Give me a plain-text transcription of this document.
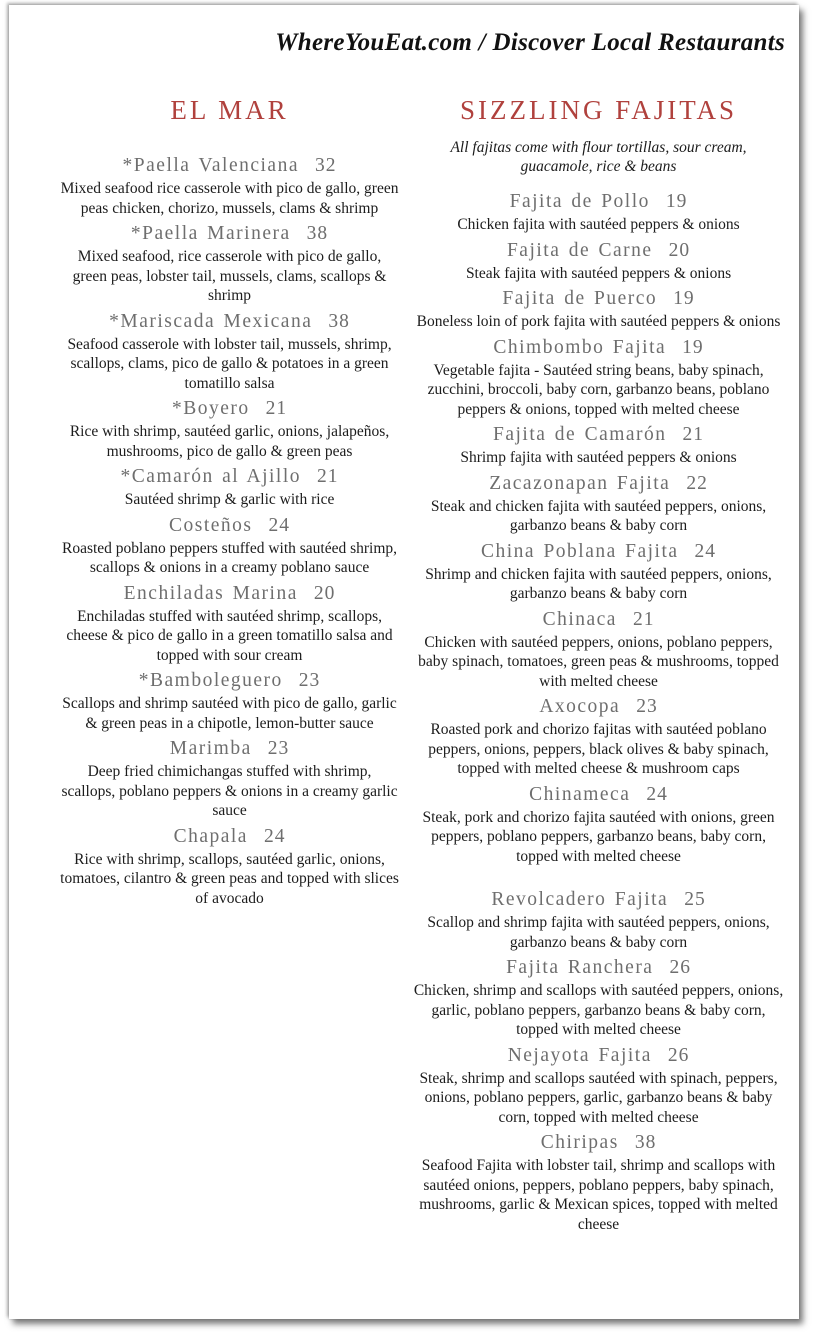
WhereYouEat.com / Discover Local Restaurants
EL MAR
*Paella Valenciana 32
Mixed seafood rice casserole with pico de gallo, green peas chicken, chorizo, mussels, clams & shrimp
*Paella Marinera 38
Mixed seafood, rice casserole with pico de gallo, green peas, lobster tail, mussels, clams, scallops & shrimp
*Mariscada Mexicana 38
Seafood casserole with lobster tail, mussels, shrimp, scallops, clams, pico de gallo & potatoes in a green tomatillo salsa
*Boyero 21
Rice with shrimp, sautéed garlic, onions, jalapeños, mushrooms, pico de gallo & green peas
*Camarón al Ajillo 21
Sautéed shrimp & garlic with rice
Costeños 24
Roasted poblano peppers stuffed with sautéed shrimp, scallops & onions in a creamy poblano sauce
Enchiladas Marina 20
Enchiladas stuffed with sautéed shrimp, scallops, cheese & pico de gallo in a green tomatillo salsa and topped with sour cream
*Bamboleguero 23
Scallops and shrimp sautéed with pico de gallo, garlic & green peas in a chipotle, lemon-butter sauce
Marimba 23
Deep fried chimichangas stuffed with shrimp, scallops, poblano peppers & onions in a creamy garlic sauce
Chapala 24
Rice with shrimp, scallops, sautéed garlic, onions, tomatoes, cilantro & green peas and topped with slices of avocado
SIZZLING FAJITAS
All fajitas come with flour tortillas, sour cream, guacamole, rice & beans
Fajita de Pollo 19
Chicken fajita with sautéed peppers & onions
Fajita de Carne 20
Steak fajita with sautéed peppers & onions
Fajita de Puerco 19
Boneless loin of pork fajita with sautéed peppers & onions
Chimbombo Fajita 19
Vegetable fajita - Sautéed string beans, baby spinach, zucchini, broccoli, baby corn, garbanzo beans, poblano peppers & onions, topped with melted cheese
Fajita de Camarón 21
Shrimp fajita with sautéed peppers & onions
Zacazonapan Fajita 22
Steak and chicken fajita with sautéed peppers, onions, garbanzo beans & baby corn
China Poblana Fajita 24
Shrimp and chicken fajita with sautéed peppers, onions, garbanzo beans & baby corn
Chinaca 21
Chicken with sautéed peppers, onions, poblano peppers, baby spinach, tomatoes, green peas & mushrooms, topped with melted cheese
Axocopa 23
Roasted pork and chorizo fajitas with sautéed poblano peppers, onions, peppers, black olives & baby spinach, topped with melted cheese & mushroom caps
Chinameca 24
Steak, pork and chorizo fajita sautéed with onions, green peppers, poblano peppers, garbanzo beans, baby corn, topped with melted cheese
Revolcadero Fajita 25
Scallop and shrimp fajita with sautéed peppers, onions, garbanzo beans & baby corn
Fajita Ranchera 26
Chicken, shrimp and scallops with sautéed peppers, onions, garlic, poblano peppers, garbanzo beans & baby corn, topped with melted cheese
Nejayota Fajita 26
Steak, shrimp and scallops sautéed with spinach, peppers, onions, poblano peppers, garlic, garbanzo beans & baby corn, topped with melted cheese
Chiripas 38
Seafood Fajita with lobster tail, shrimp and scallops with sautéed onions, peppers, poblano peppers, baby spinach, mushrooms, garlic & Mexican spices, topped with melted cheese
